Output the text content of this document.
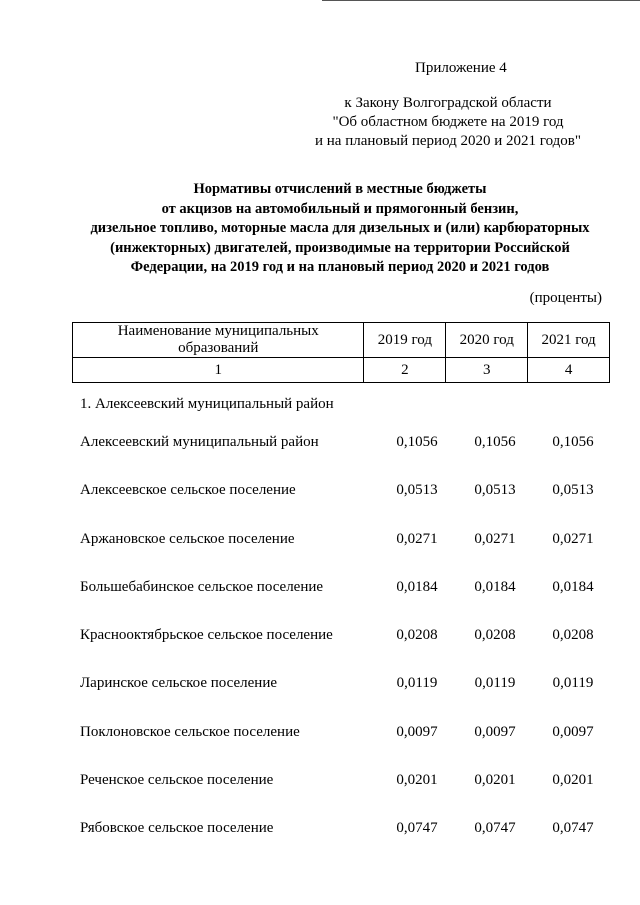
Приложение 4
к Закону Волгоградской области
"Об областном бюджете на 2019 год
и на плановый период 2020 и 2021 годов"
Нормативы отчислений в местные бюджеты
от акцизов на автомобильный и прямогонный бензин,
дизельное топливо, моторные масла для дизельных и (или) карбюраторных
(инжекторных) двигателей, производимые на территории Российской
Федерации, на 2019 год и на плановый период 2020 и 2021 годов
(проценты)
Наименование муниципальных образований	2019 год	2020 год	2021 год
1	2	3	4
1. Алексеевский муниципальный район
Алексеевский муниципальный район	0,1056	0,1056	0,1056
Алексеевское сельское поселение	0,0513	0,0513	0,0513
Аржановское сельское поселение	0,0271	0,0271	0,0271
Большебабинское сельское поселение	0,0184	0,0184	0,0184
Краснооктябрьское сельское поселение	0,0208	0,0208	0,0208
Ларинское сельское поселение	0,0119	0,0119	0,0119
Поклоновское сельское поселение	0,0097	0,0097	0,0097
Реченское сельское поселение	0,0201	0,0201	0,0201
Рябовское сельское поселение	0,0747	0,0747	0,0747
